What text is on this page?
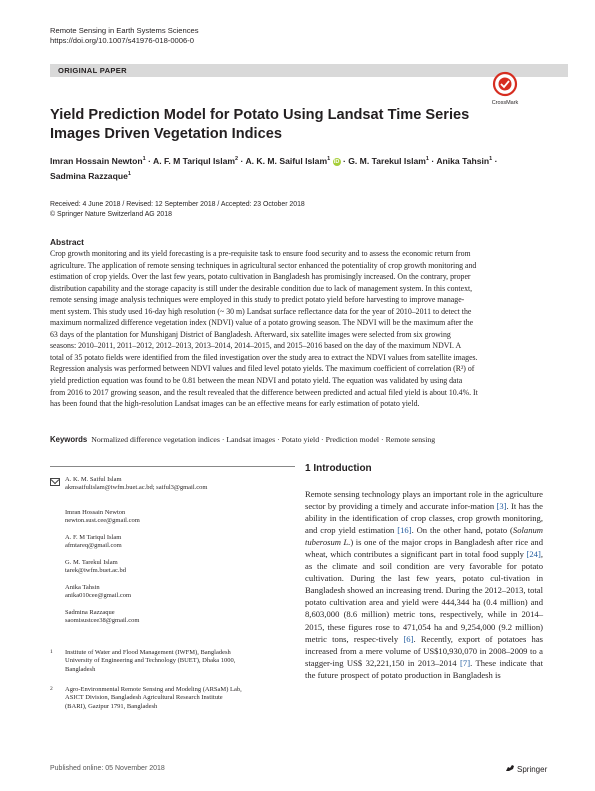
Remote Sensing in Earth Systems Sciences
https://doi.org/10.1007/s41976-018-0006-0
ORIGINAL PAPER
CrossMark
Yield Prediction Model for Potato Using Landsat Time Series Images Driven Vegetation Indices
Imran Hossain Newton$^1$ · A. F. M Tariqul Islam$^2$ · A. K. M. Saiful Islam$^1$ iD · G. M. Tarekul Islam$^1$ · Anika Tahsin$^1$ ·
Sadmina Razzaque$^1$
Received: 4 June 2018 / Revised: 12 September 2018 / Accepted: 23 October 2018
© Springer Nature Switzerland AG 2018
Abstract
Crop growth monitoring and its yield forecasting is a pre-requisite task to ensure food security and to assess the economic return from
agriculture. The application of remote sensing techniques in agricultural sector enhanced the potentiality of crop growth monitoring and
estimation of crop yields. Over the last few years, potato cultivation in Bangladesh has promisingly increased. On the contrary, proper
distribution capability and the storage capacity is still under the desirable condition due to lack of management system. In this context,
remote sensing image analysis techniques were employed in this study to predict potato yield before harvesting to improve manage-
ment system. This study used 16-day high resolution (~ 30 m) Landsat surface reflectance data for the year of 2010–2011 to detect the
maximum normalized difference vegetation index (NDVI) value of a potato growing season. The NDVI will be the maximum after the
63 days of the plantation for Munshiganj District of Bangladesh. Afterward, six satellite images were selected from six growing
seasons: 2010–2011, 2011–2012, 2012–2013, 2013–2014, 2014–2015, and 2015–2016 based on the day of the maximum NDVI. A
total of 35 potato fields were identified from the filed investigation over the study area to extract the NDVI values from satellite images.
Regression analysis was performed between NDVI values and filed level potato yields. The maximum coefficient of correlation (R²) of
yield prediction equation was found to be 0.81 between the mean NDVI and potato yield. The equation was validated by using data
from 2016 to 2017 growing season, and the result revealed that the difference between predicted and actual filed yield is about 10.4%. It
has been found that the high-resolution Landsat images can be an effective means for early estimation of potato yield.
Keywords Normalized difference vegetation indices · Landsat images · Potato yield · Prediction model · Remote sensing
A. K. M. Saiful Islam
akmsaifulislam@iwfm.buet.ac.bd; saiful3@gmail.com
Imran Hossain Newton
newton.sust.cee@gmail.com
A. F. M Tariqul Islam
afmtareq@gmail.com
G. M. Tarekul Islam
tarek@iwfm.buet.ac.bd
Anika Tahsin
anika010cee@gmail.com
Sadmina Razzaque
saomisustcee38@gmail.com
1 Institute of Water and Flood Management (IWFM), Bangladesh
University of Engineering and Technology (BUET), Dhaka 1000,
Bangladesh
2 Agro-Environmental Remote Sensing and Modeling (ARSaM) Lab,
ASICT Division, Bangladesh Agricultural Research Institute
(BARI), Gazipur 1791, Bangladesh
1 Introduction
Remote sensing technology plays an important role in the agriculture sector by providing a timely and accurate infor-mation [3]. It has the ability in the identification of crop classes, crop growth monitoring, and crop yield estimation [16]. On the other hand, potato (Solanum tuberosum L.) is one of the major crops in Bangladesh after rice and wheat, which contributes a significant part in total food supply [24], as the climate and soil condition are very favorable for potato cultivation. During the last few years, potato cul-tivation in Bangladesh showed an increasing trend. During the 2012–2013, total potato cultivation area and yield were 444,344 ha (0.4 million) and 8,603,000 (8.6 million) metric tons, respectively, while in 2014–2015, these figures rose to 471,054 ha and 9,254,000 (9.2 million) metric tons, respec-tively [6]. Recently, export of potatoes has increased from a mere volume of US$10,930,070 in 2008–2009 to a stagger-ing US$ 32,221,150 in 2013–2014 [7]. These indicate that the future prospect of potato production in Bangladesh is
Published online: 05 November 2018	Springer
